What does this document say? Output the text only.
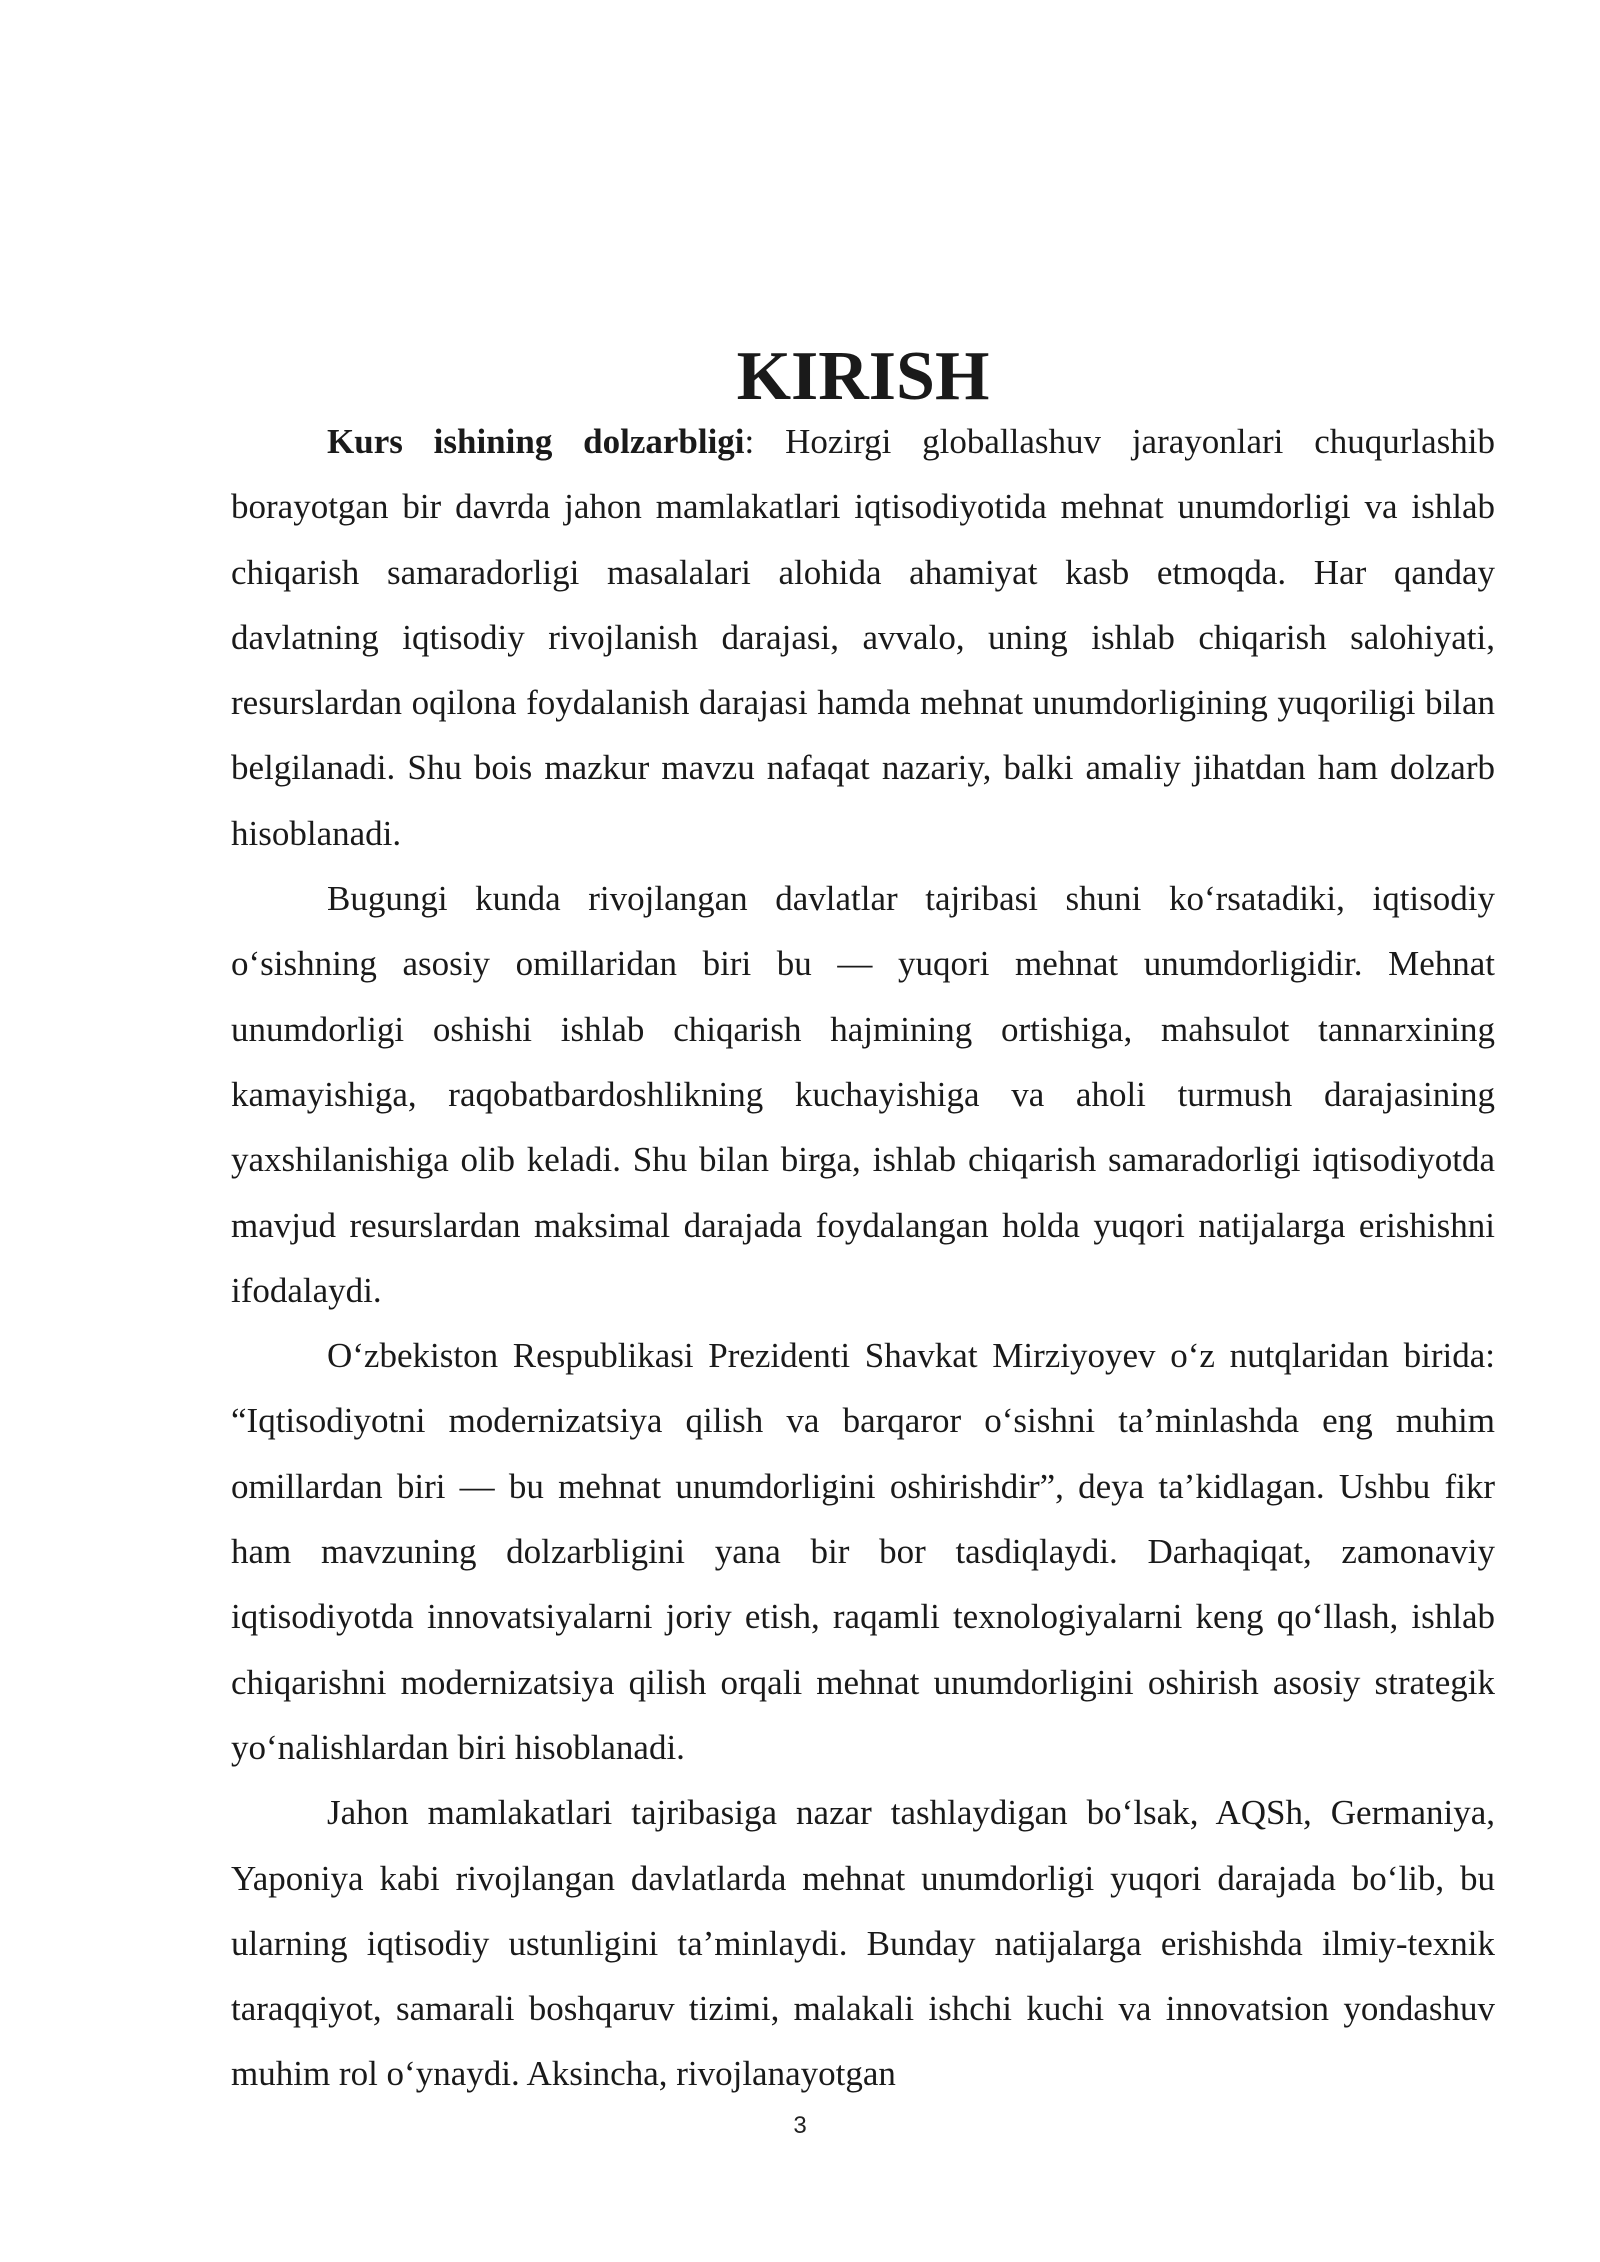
KIRISH

Kurs ishining dolzarbligi: Hozirgi globallashuv jarayonlari chuqurlashib borayotgan bir davrda jahon mamlakatlari iqtisodiyotida mehnat unumdorligi va ishlab chiqarish samaradorligi masalalari alohida ahamiyat kasb etmoqda. Har qanday davlatning iqtisodiy rivojlanish darajasi, avvalo, uning ishlab chiqarish salohiyati, resurslardan oqilona foydalanish darajasi hamda mehnat unumdorligining yuqoriligi bilan belgilanadi. Shu bois mazkur mavzu nafaqat nazariy, balki amaliy jihatdan ham dolzarb hisoblanadi.

Bugungi kunda rivojlangan davlatlar tajribasi shuni ko‘rsatadiki, iqtisodiy o‘sishning asosiy omillaridan biri bu — yuqori mehnat unumdorligidir. Mehnat unumdorligi oshishi ishlab chiqarish hajmining ortishiga, mahsulot tannarxining kamayishiga, raqobatbardoshlikning kuchayishiga va aholi turmush darajasining yaxshilanishiga olib keladi. Shu bilan birga, ishlab chiqarish samaradorligi iqtisodiyotda mavjud resurslardan maksimal darajada foydalangan holda yuqori natijalarga erishishni ifodalaydi.

O‘zbekiston Respublikasi Prezidenti Shavkat Mirziyoyev o‘z nutqlaridan birida: “Iqtisodiyotni modernizatsiya qilish va barqaror o‘sishni ta’minlashda eng muhim omillardan biri — bu mehnat unumdorligini oshirishdir”, deya ta’kidlagan. Ushbu fikr ham mavzuning dolzarbligini yana bir bor tasdiqlaydi. Darhaqiqat, zamonaviy iqtisodiyotda innovatsiyalarni joriy etish, raqamli texnologiyalarni keng qo‘llash, ishlab chiqarishni modernizatsiya qilish orqali mehnat unumdorligini oshirish asosiy strategik yo‘nalishlardan biri hisoblanadi.

Jahon mamlakatlari tajribasiga nazar tashlaydigan bo‘lsak, AQSh, Germaniya, Yaponiya kabi rivojlangan davlatlarda mehnat unumdorligi yuqori darajada bo‘lib, bu ularning iqtisodiy ustunligini ta’minlaydi. Bunday natijalarga erishishda ilmiy-texnik taraqqiyot, samarali boshqaruv tizimi, malakali ishchi kuchi va innovatsion yondashuv muhim rol o‘ynaydi. Aksincha, rivojlanayotgan

3
